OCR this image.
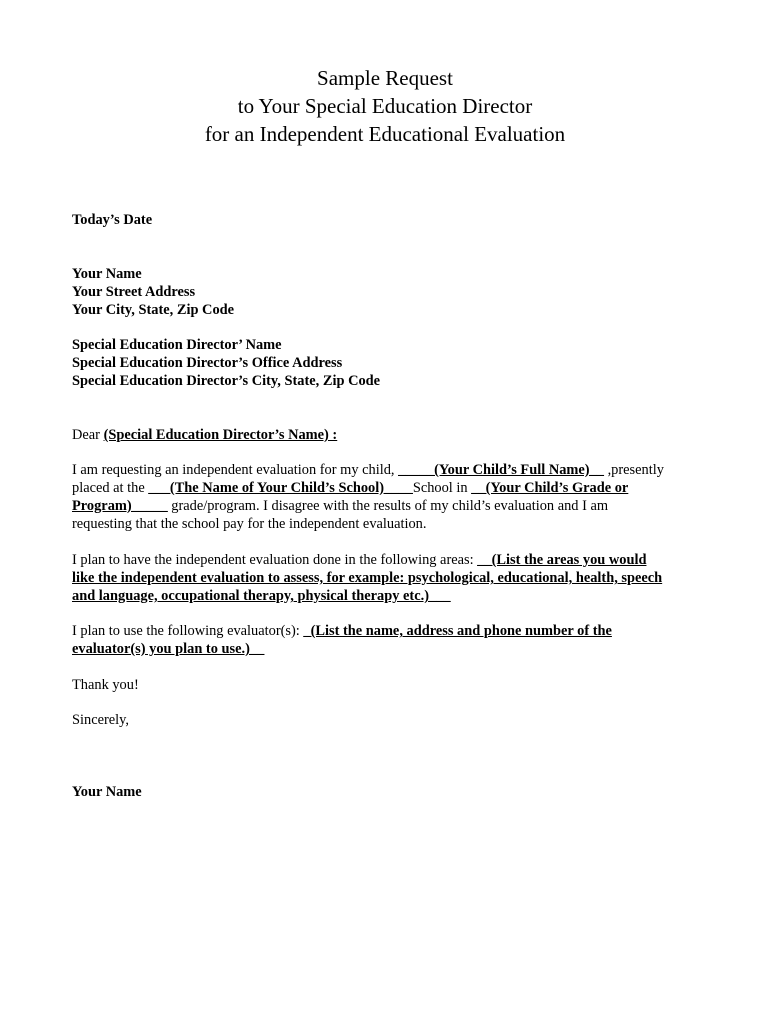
Sample Request
to Your Special Education Director
for an Independent Educational Evaluation
Today’s Date
Your Name
Your Street Address
Your City, State, Zip Code
Special Education Director’ Name
Special Education Director’s Office Address
Special Education Director’s City, State, Zip Code
Dear (Special Education Director’s Name) :
I am requesting an independent evaluation for my child, _____(Your Child’s Full Name)__ ,presently
placed at the ___(The Name of Your Child’s School)____School in __(Your Child’s Grade or
Program)_____ grade/program. I disagree with the results of my child’s evaluation and I am
requesting that the school pay for the independent evaluation.
I plan to have the independent evaluation done in the following areas: __(List the areas you would
like the independent evaluation to assess, for example: psychological, educational, health, speech
and language, occupational therapy, physical therapy etc.)___
I plan to use the following evaluator(s): _(List the name, address and phone number of the
evaluator(s) you plan to use.)__
Thank you!
Sincerely,
Your Name
